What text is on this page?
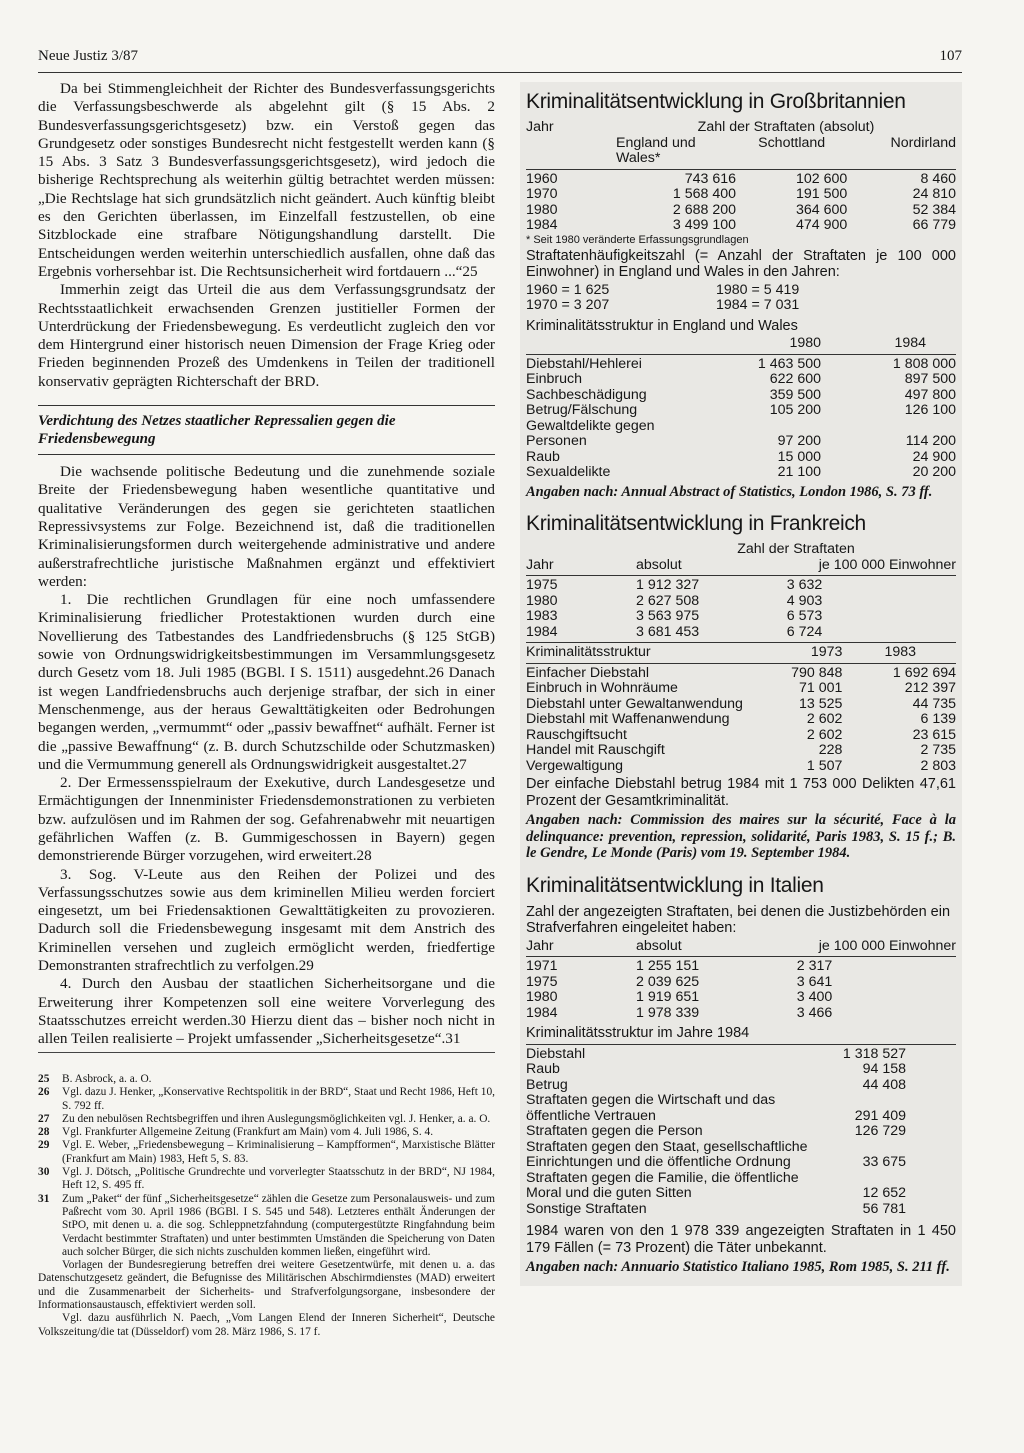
Neue Justiz 3/87	107

Da bei Stimmengleichheit der Richter des Bundesverfassungsgerichts die Verfassungsbeschwerde als abgelehnt gilt (§ 15 Abs. 2 Bundesverfassungsgerichtsgesetz) bzw. ein Verstoß gegen das Grundgesetz oder sonstiges Bundesrecht nicht festgestellt werden kann (§ 15 Abs. 3 Satz 3 Bundesverfassungsgerichtsgesetz), wird jedoch die bisherige Rechtsprechung als weiterhin gültig betrachtet werden müssen: „Die Rechtslage hat sich grundsätzlich nicht geändert. Auch künftig bleibt es den Gerichten überlassen, im Einzelfall festzustellen, ob eine Sitzblockade eine strafbare Nötigungshandlung darstellt. Die Entscheidungen werden weiterhin unterschiedlich ausfallen, ohne daß das Ergebnis vorhersehbar ist. Die Rechtsunsicherheit wird fortdauern ...“25

Immerhin zeigt das Urteil die aus dem Verfassungsgrundsatz der Rechtsstaatlichkeit erwachsenden Grenzen justitieller Formen der Unterdrückung der Friedensbewegung. Es verdeutlicht zugleich den vor dem Hintergrund einer historisch neuen Dimension der Frage Krieg oder Frieden beginnenden Prozeß des Umdenkens in Teilen der traditionell konservativ geprägten Richterschaft der BRD.

Verdichtung des Netzes staatlicher Repressalien gegen die Friedensbewegung

Die wachsende politische Bedeutung und die zunehmende soziale Breite der Friedensbewegung haben wesentliche quantitative und qualitative Veränderungen des gegen sie gerichteten staatlichen Repressivsystems zur Folge. Bezeichnend ist, daß die traditionellen Kriminalisierungsformen durch weitergehende administrative und andere außerstrafrechtliche juristische Maßnahmen ergänzt und effektiviert werden:

1. Die rechtlichen Grundlagen für eine noch umfassendere Kriminalisierung friedlicher Protestaktionen wurden durch eine Novellierung des Tatbestandes des Landfriedensbruchs (§ 125 StGB) sowie von Ordnungswidrigkeitsbestimmungen im Versammlungsgesetz durch Gesetz vom 18. Juli 1985 (BGBl. I S. 1511) ausgedehnt.26 Danach ist wegen Landfriedensbruchs auch derjenige strafbar, der sich in einer Menschenmenge, aus der heraus Gewalttätigkeiten oder Bedrohungen begangen werden, „vermummt“ oder „passiv bewaffnet“ aufhält. Ferner ist die „passive Bewaffnung“ (z. B. durch Schutzschilde oder Schutzmasken) und die Vermummung generell als Ordnungswidrigkeit ausgestaltet.27

2. Der Ermessensspielraum der Exekutive, durch Landesgesetze und Ermächtigungen der Innenminister Friedensdemonstrationen zu verbieten bzw. aufzulösen und im Rahmen der sog. Gefahrenabwehr mit neuartigen gefährlichen Waffen (z. B. Gummigeschossen in Bayern) gegen demonstrierende Bürger vorzugehen, wird erweitert.28

3. Sog. V-Leute aus den Reihen der Polizei und des Verfassungsschutzes sowie aus dem kriminellen Milieu werden forciert eingesetzt, um bei Friedensaktionen Gewalttätigkeiten zu provozieren. Dadurch soll die Friedensbewegung insgesamt mit dem Anstrich des Kriminellen versehen und zugleich ermöglicht werden, friedfertige Demonstranten strafrechtlich zu verfolgen.29

4. Durch den Ausbau der staatlichen Sicherheitsorgane und die Erweiterung ihrer Kompetenzen soll eine weitere Vorverlegung des Staatsschutzes erreicht werden.30 Hierzu dient das – bisher noch nicht in allen Teilen realisierte – Projekt umfassender „Sicherheitsgesetze“.31

25	B. Asbrock, a. a. O.
26	Vgl. dazu J. Henker, „Konservative Rechtspolitik in der BRD“, Staat und Recht 1986, Heft 10, S. 792 ff.
27	Zu den nebulösen Rechtsbegriffen und ihren Auslegungsmöglichkeiten vgl. J. Henker, a. a. O.
28	Vgl. Frankfurter Allgemeine Zeitung (Frankfurt am Main) vom 4. Juli 1986, S. 4.
29	Vgl. E. Weber, „Friedensbewegung – Kriminalisierung – Kampfformen“, Marxistische Blätter (Frankfurt am Main) 1983, Heft 5, S. 83.
30	Vgl. J. Dötsch, „Politische Grundrechte und vorverlegter Staatsschutz in der BRD“, NJ 1984, Heft 12, S. 495 ff.
31	Zum „Paket“ der fünf „Sicherheitsgesetze“ zählen die Gesetze zum Personalausweis- und zum Paßrecht vom 30. April 1986 (BGBl. I S. 545 und 548). Letzteres enthält Änderungen der StPO, mit denen u. a. die sog. Schleppnetzfahndung (computergestützte Ringfahndung beim Verdacht bestimmter Straftaten) und unter bestimmten Umständen die Speicherung von Daten auch solcher Bürger, die sich nichts zuschulden kommen ließen, eingeführt wird.
Vorlagen der Bundesregierung betreffen drei weitere Gesetzentwürfe, mit denen u. a. das Datenschutzgesetz geändert, die Befugnisse des Militärischen Abschirmdienstes (MAD) erweitert und die Zusammenarbeit der Sicherheits- und Strafverfolgungsorgane, insbesondere der Informationsaustausch, effektiviert werden soll.
Vgl. dazu ausführlich N. Paech, „Vom Langen Elend der Inneren Sicherheit“, Deutsche Volkszeitung/die tat (Düsseldorf) vom 28. März 1986, S. 17 f.
Kriminalitätsentwicklung in Großbritannien
Jahr	Zahl der Straftaten (absolut)		
	England und Wales*	Schottland	Nordirland

1960	743 616	102 600	8 460
1970	1 568 400	191 500	24 810
1980	2 688 200	364 600	52 384
1984	3 499 100	474 900	66 779
* Seit 1980 veränderte Erfassungsgrundlagen
Straftatenhäufigkeitszahl (= Anzahl der Straftaten je 100 000 Einwohner) in England und Wales in den Jahren:
1960 = 1 625	1980 = 5 419
1970 = 3 207	1984 = 7 031
Kriminalitätsstruktur in England und Wales
	1980	1984

Diebstahl/Hehlerei	1 463 500	1 808 000
Einbruch	622 600	897 500
Sachbeschädigung	359 500	497 800
Betrug/Fälschung	105 200	126 100
Gewaltdelikte gegen		
Personen	97 200	114 200
Raub	15 000	24 900
Sexualdelikte	21 100	20 200
Angaben nach: Annual Abstract of Statistics, London 1986, S. 73 ff.
Kriminalitätsentwicklung in Frankreich
	Zahl der Straftaten	
Jahr	absolut	je 100 000 Einwohner

1975	1 912 327	3 632
1980	2 627 508	4 903
1983	3 563 975	6 573
1984	3 681 453	6 724
Kriminalitätsstruktur	1973	1983

Einfacher Diebstahl	790 848	1 692 694
Einbruch in Wohnräume	71 001	212 397
Diebstahl unter Gewaltanwendung	13 525	44 735
Diebstahl mit Waffenanwendung	2 602	6 139
Rauschgiftsucht	2 602	23 615
Handel mit Rauschgift	228	2 735
Vergewaltigung	1 507	2 803
Der einfache Diebstahl betrug 1984 mit 1 753 000 Delikten 47,61 Prozent der Gesamtkriminalität.
Angaben nach: Commission des maires sur la sécurité, Face à la delinquance: prevention, repression, solidarité, Paris 1983, S. 15 f.; B. le Gendre, Le Monde (Paris) vom 19. September 1984.
Kriminalitätsentwicklung in Italien
Zahl der angezeigten Straftaten, bei denen die Justizbehörden ein Strafverfahren eingeleitet haben:
Jahr	absolut	je 100 000 Einwohner

1971	1 255 151	2 317
1975	2 039 625	3 641
1980	1 919 651	3 400
1984	1 978 339	3 466
Kriminalitätsstruktur im Jahre 1984
Diebstahl	1 318 527
Raub	94 158
Betrug	44 408
Straftaten gegen die Wirtschaft und das öffentliche Vertrauen	291 409
Straftaten gegen die Person	126 729
Straftaten gegen den Staat, gesellschaftliche Einrichtungen und die öffentliche Ordnung	33 675
Straftaten gegen die Familie, die öffentliche Moral und die guten Sitten	12 652
Sonstige Straftaten	56 781
1984 waren von den 1 978 339 angezeigten Straftaten in 1 450 179 Fällen (= 73 Prozent) die Täter unbekannt.
Angaben nach: Annuario Statistico Italiano 1985, Rom 1985, S. 211 ff.
